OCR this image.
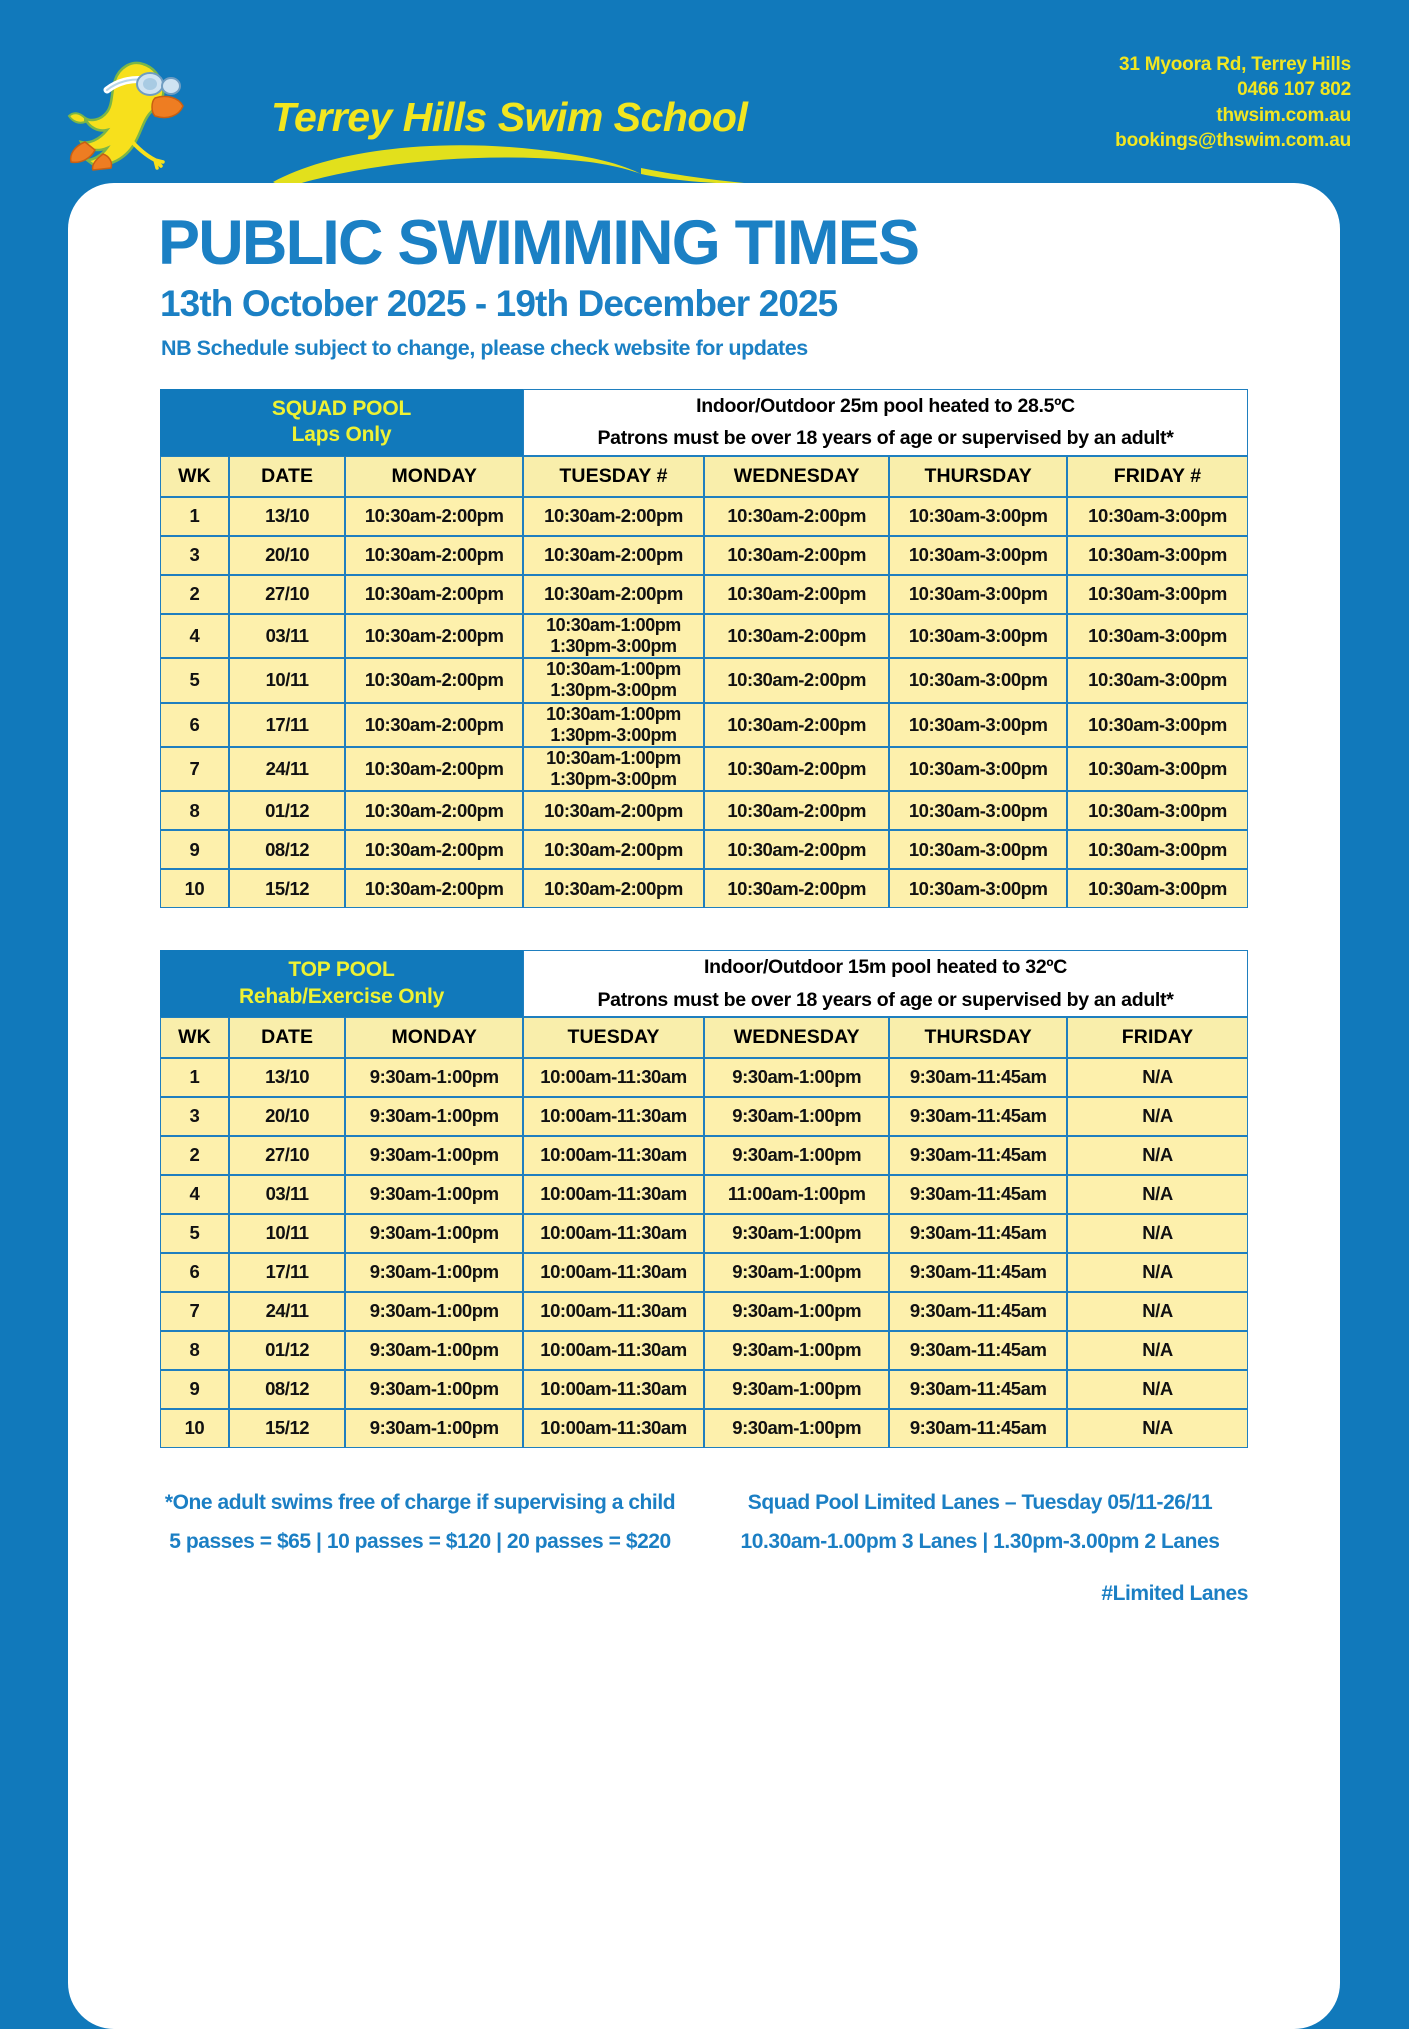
Terrey Hills Swim School
31 Myoora Rd, Terrey Hills
0466 107 802
thwsim.com.au
bookings@thswim.com.au
PUBLIC SWIMMING TIMES
13th October 2025 - 19th December 2025

NB Schedule subject to change, please check website for updates

SQUAD POOL
Laps Only			Indoor/Outdoor 25m pool heated to 28.5ºC
Patrons must be over 18 years of age or supervised by an adult*			

WK	DATE	MONDAY	TUESDAY #	WEDNESDAY	THURSDAY	FRIDAY #
1	13/10	10:30am-2:00pm	10:30am-2:00pm	10:30am-2:00pm	10:30am-3:00pm	10:30am-3:00pm
3	20/10	10:30am-2:00pm	10:30am-2:00pm	10:30am-2:00pm	10:30am-3:00pm	10:30am-3:00pm
2	27/10	10:30am-2:00pm	10:30am-2:00pm	10:30am-2:00pm	10:30am-3:00pm	10:30am-3:00pm
4	03/11	10:30am-2:00pm	10:30am-1:00pm
1:30pm-3:00pm	10:30am-2:00pm	10:30am-3:00pm	10:30am-3:00pm
5	10/11	10:30am-2:00pm	10:30am-1:00pm
1:30pm-3:00pm	10:30am-2:00pm	10:30am-3:00pm	10:30am-3:00pm
6	17/11	10:30am-2:00pm	10:30am-1:00pm
1:30pm-3:00pm	10:30am-2:00pm	10:30am-3:00pm	10:30am-3:00pm
7	24/11	10:30am-2:00pm	10:30am-1:00pm
1:30pm-3:00pm	10:30am-2:00pm	10:30am-3:00pm	10:30am-3:00pm
8	01/12	10:30am-2:00pm	10:30am-2:00pm	10:30am-2:00pm	10:30am-3:00pm	10:30am-3:00pm
9	08/12	10:30am-2:00pm	10:30am-2:00pm	10:30am-2:00pm	10:30am-3:00pm	10:30am-3:00pm
10	15/12	10:30am-2:00pm	10:30am-2:00pm	10:30am-2:00pm	10:30am-3:00pm	10:30am-3:00pm
TOP POOL
Rehab/Exercise Only			Indoor/Outdoor 15m pool heated to 32ºC
Patrons must be over 18 years of age or supervised by an adult*			

WK	DATE	MONDAY	TUESDAY	WEDNESDAY	THURSDAY	FRIDAY
1	13/10	9:30am-1:00pm	10:00am-11:30am	9:30am-1:00pm	9:30am-11:45am	N/A
3	20/10	9:30am-1:00pm	10:00am-11:30am	9:30am-1:00pm	9:30am-11:45am	N/A
2	27/10	9:30am-1:00pm	10:00am-11:30am	9:30am-1:00pm	9:30am-11:45am	N/A
4	03/11	9:30am-1:00pm	10:00am-11:30am	11:00am-1:00pm	9:30am-11:45am	N/A
5	10/11	9:30am-1:00pm	10:00am-11:30am	9:30am-1:00pm	9:30am-11:45am	N/A
6	17/11	9:30am-1:00pm	10:00am-11:30am	9:30am-1:00pm	9:30am-11:45am	N/A
7	24/11	9:30am-1:00pm	10:00am-11:30am	9:30am-1:00pm	9:30am-11:45am	N/A
8	01/12	9:30am-1:00pm	10:00am-11:30am	9:30am-1:00pm	9:30am-11:45am	N/A
9	08/12	9:30am-1:00pm	10:00am-11:30am	9:30am-1:00pm	9:30am-11:45am	N/A
10	15/12	9:30am-1:00pm	10:00am-11:30am	9:30am-1:00pm	9:30am-11:45am	N/A
*One adult swims free of charge if supervising a child
5 passes = $65 | 10 passes = $120 | 20 passes = $220
Squad Pool Limited Lanes – Tuesday 05/11-26/11
10.30am-1.00pm 3 Lanes | 1.30pm-3.00pm 2 Lanes
#Limited Lanes
